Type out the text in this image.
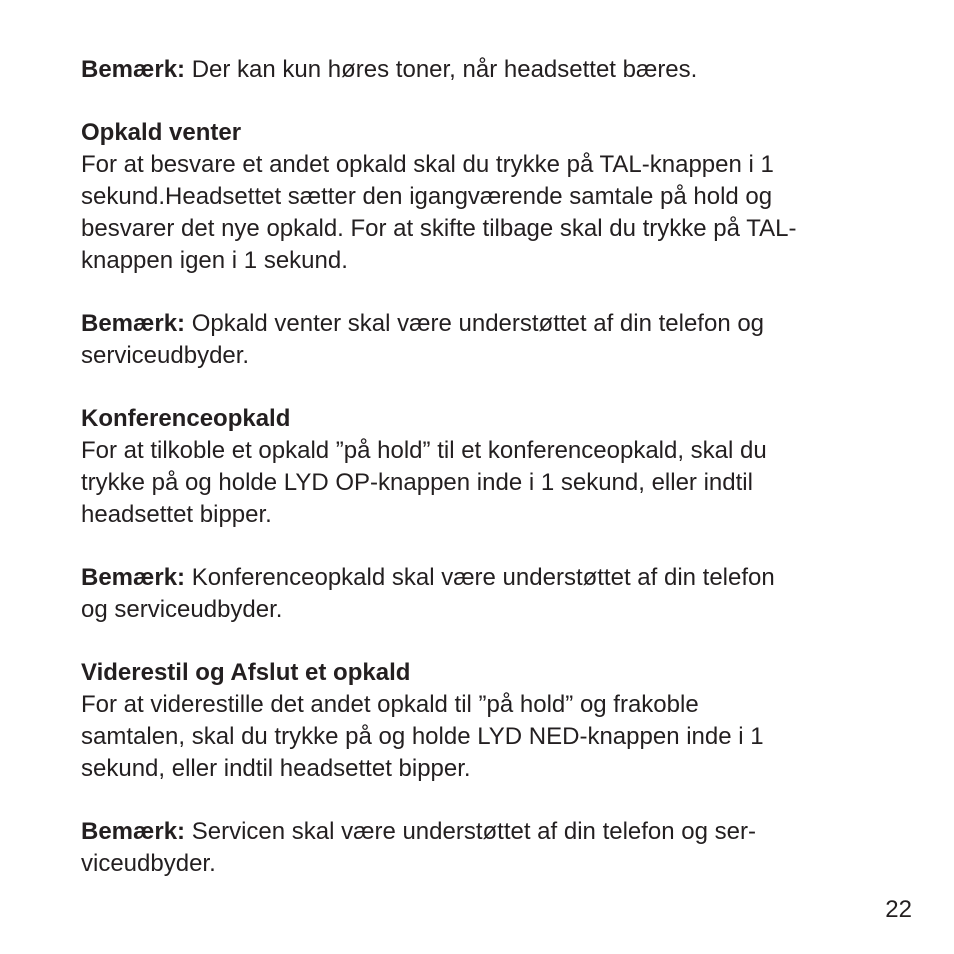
Bemærk: Der kan kun høres toner, når headsettet bæres.

Opkald venter
For at besvare et andet opkald skal du trykke på TAL-knappen i 1
sekund.Headsettet sætter den igangværende samtale på hold og
besvarer det nye opkald. For at skifte tilbage skal du trykke på TAL-
knappen igen i 1 sekund.

Bemærk: Opkald venter skal være understøttet af din telefon og
serviceudbyder.

Konferenceopkald
For at tilkoble et opkald ”på hold” til et konferenceopkald, skal du
trykke på og holde LYD OP-knappen inde i 1 sekund, eller indtil
headsettet bipper.

Bemærk: Konferenceopkald skal være understøttet af din telefon
og serviceudbyder.

Viderestil og Afslut et opkald
For at viderestille det andet opkald til ”på hold” og frakoble
samtalen, skal du trykke på og holde LYD NED-knappen inde i 1
sekund, eller indtil headsettet bipper.

Bemærk: Servicen skal være understøttet af din telefon og ser-
viceudbyder.

22
